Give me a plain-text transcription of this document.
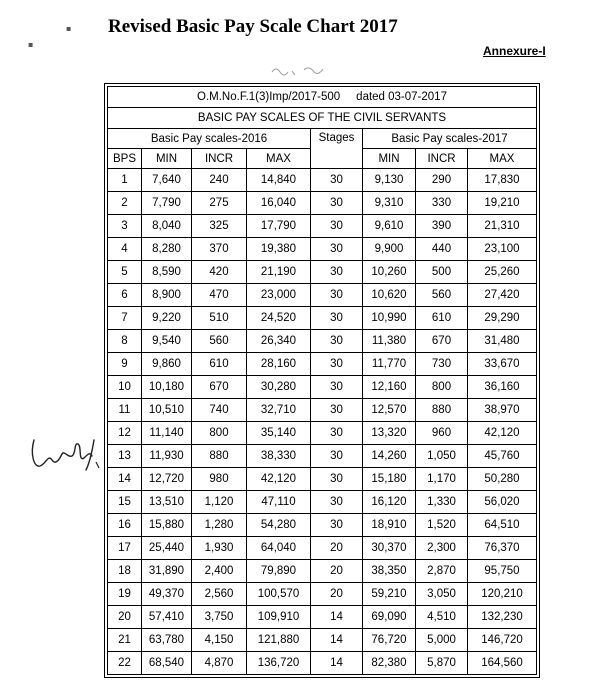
▪
▪
Revised Basic Pay Scale Chart 2017
Annexure-I
O.M.No.F.1(3)Imp/2017-500 dated 03-07-2017							
BASIC PAY SCALES OF THE CIVIL SERVANTS							
Basic Pay scales-2016				Stages	Basic Pay scales-2017		
BPS	MIN	INCR	MAX		MIN	INCR	MAX
1	7,640	240	14,840	30	9,130	290	17,830
2	7,790	275	16,040	30	9,310	330	19,210
3	8,040	325	17,790	30	9,610	390	21,310
4	8,280	370	19,380	30	9,900	440	23,100
5	8,590	420	21,190	30	10,260	500	25,260
6	8,900	470	23,000	30	10,620	560	27,420
7	9,220	510	24,520	30	10,990	610	29,290
8	9,540	560	26,340	30	11,380	670	31,480
9	9,860	610	28,160	30	11,770	730	33,670
10	10,180	670	30,280	30	12,160	800	36,160
11	10,510	740	32,710	30	12,570	880	38,970
12	11,140	800	35,140	30	13,320	960	42,120
13	11,930	880	38,330	30	14,260	1,050	45,760
14	12,720	980	42,120	30	15,180	1,170	50,280
15	13,510	1,120	47,110	30	16,120	1,330	56,020
16	15,880	1,280	54,280	30	18,910	1,520	64,510
17	25,440	1,930	64,040	20	30,370	2,300	76,370
18	31,890	2,400	79,890	20	38,350	2,870	95,750
19	49,370	2,560	100,570	20	59,210	3,050	120,210
20	57,410	3,750	109,910	14	69,090	4,510	132,230
21	63,780	4,150	121,880	14	76,720	5,000	146,720
22	68,540	4,870	136,720	14	82,380	5,870	164,560
